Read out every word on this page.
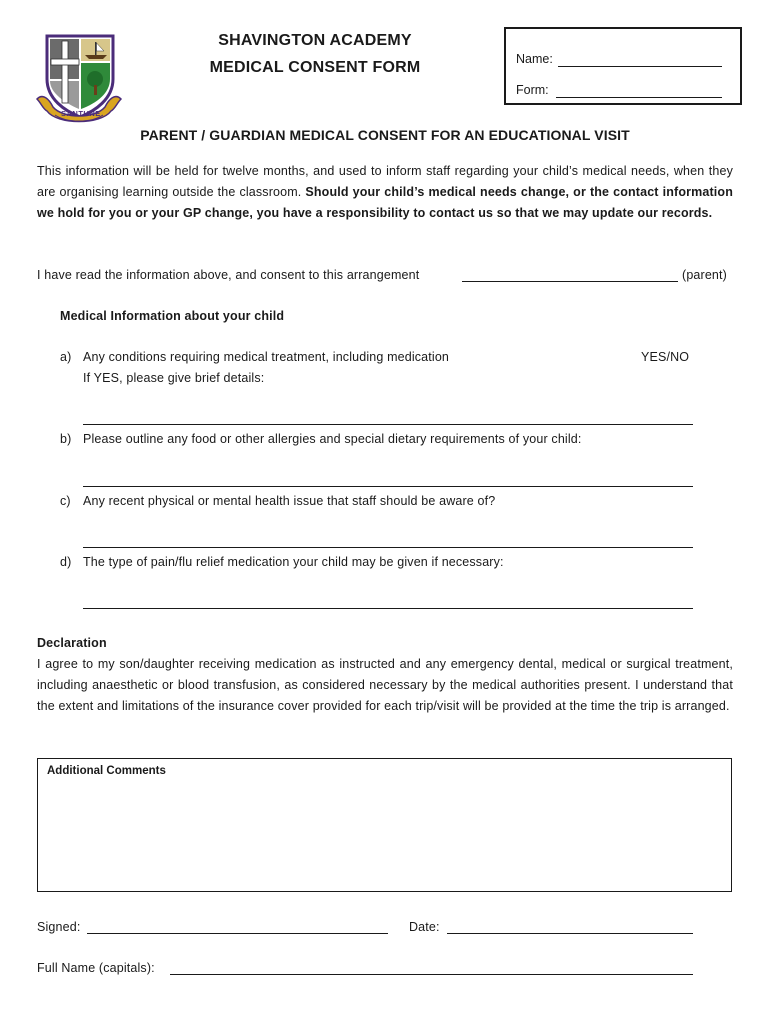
SANTUNE
SHAVINGTON ACADEMY
MEDICAL CONSENT FORM	Name:
Form:
PARENT / GUARDIAN MEDICAL CONSENT FOR AN EDUCATIONAL VISIT
This information will be held for twelve months, and used to inform staff regarding your child’s medical needs, when they are organising learning outside the classroom. Should your child’s medical needs change, or the contact information we hold for you or your GP change, you have a responsibility to contact us so that we may update our records.
I have read the information above, and consent to this arrangement	(parent)
Medical Information about your child
a) Any conditions requiring medical treatment, including medication	YES/NO
If YES, please give brief details:
b) Please outline any food or other allergies and special dietary requirements of your child:
c) Any recent physical or mental health issue that staff should be aware of?
d) The type of pain/flu relief medication your child may be given if necessary:
Declaration
I agree to my son/daughter receiving medication as instructed and any emergency dental, medical or surgical treatment, including anaesthetic or blood transfusion, as considered necessary by the medical authorities present. I understand that the extent and limitations of the insurance cover provided for each trip/visit will be provided at the time the trip is arranged.
Additional Comments
Signed:	Date:
Full Name (capitals):
